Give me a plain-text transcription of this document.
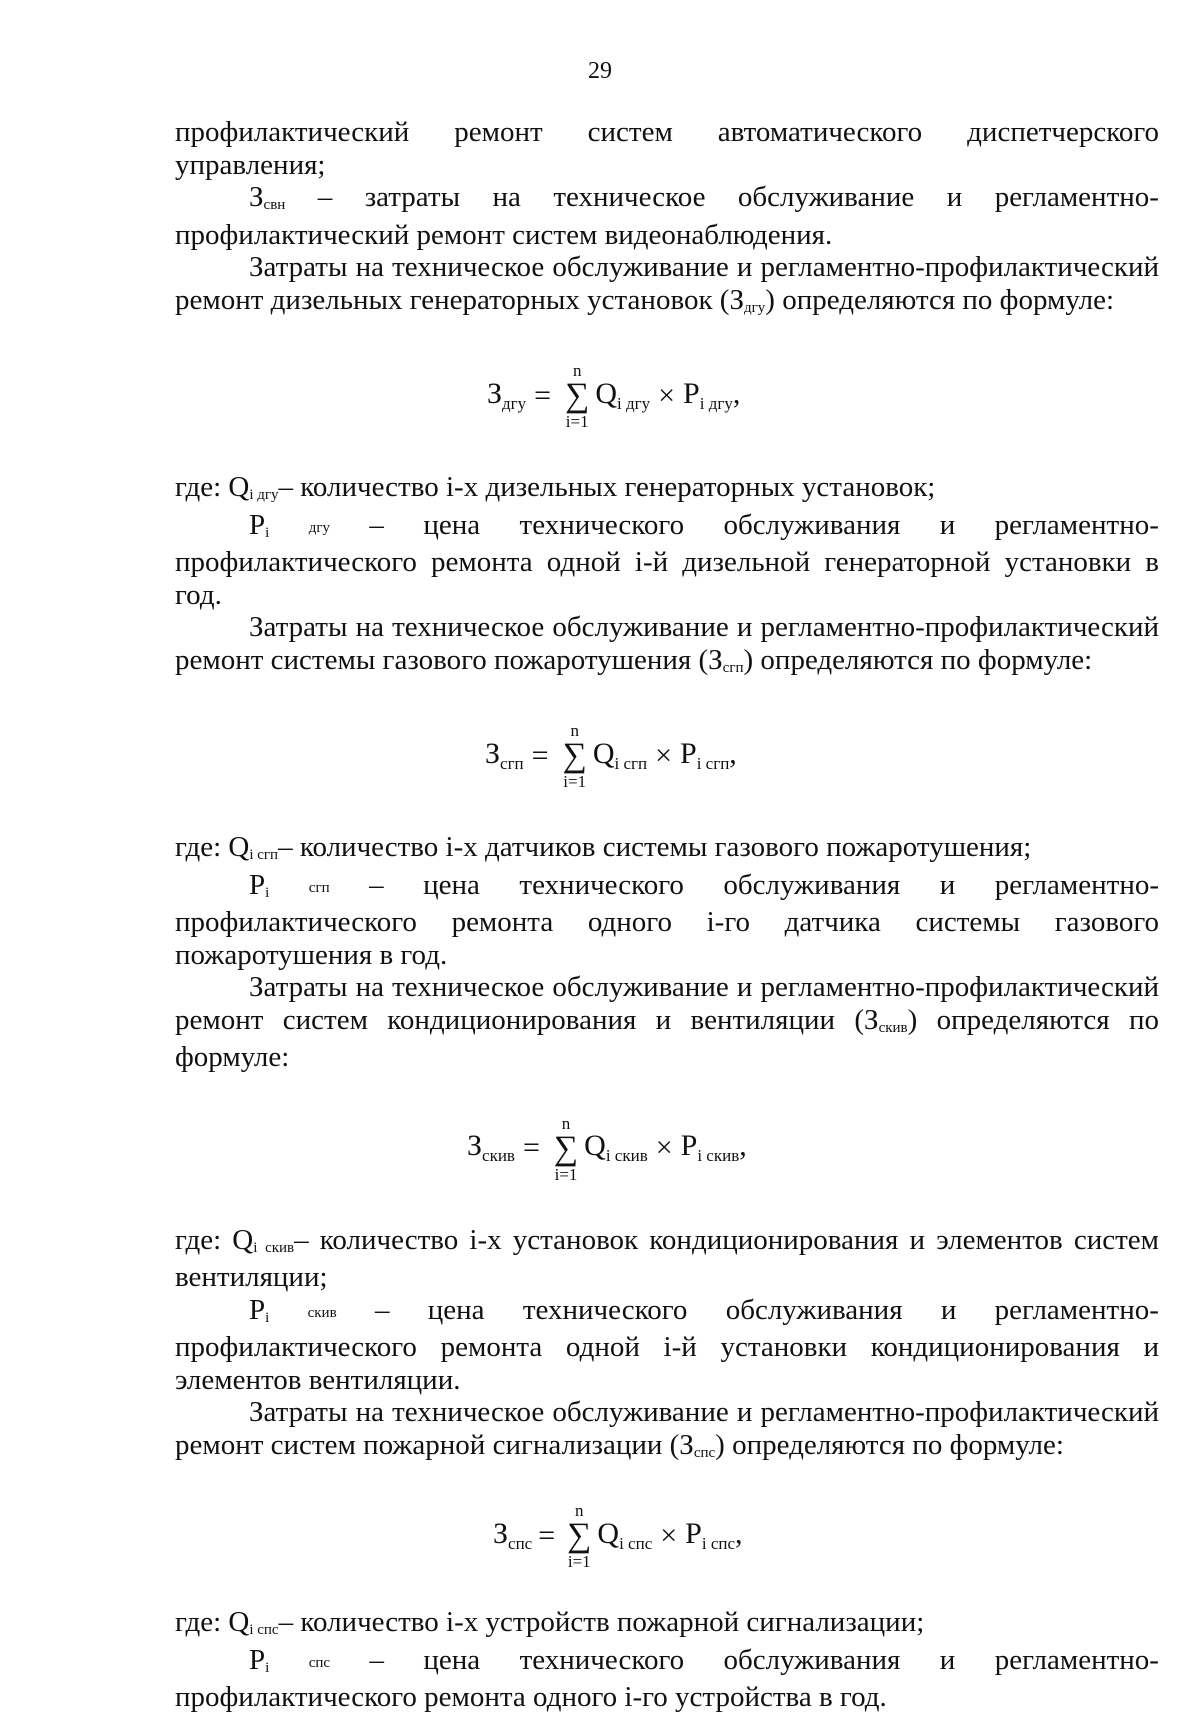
29

профилактический ремонт систем автоматического диспетчерского управления;

$З_{свн}$ – затраты на техническое обслуживание и регламентно-

профилактический ремонт систем видеонаблюдения.

Затраты на техническое обслуживание и регламентно-профилактический ремонт дизельных генераторных установок $(З_{дгу})$ определяются по формуле:

$З_{дгу}$ =
n
∑
i=1
$Q_{i дгу} \times P_{i дгу}$,

где: $Q_{i дгу}-$ количество i-х дизельных генераторных установок;

$P_i$	$_{дгу}$ – цена технического обслуживания и регламентно-

профилактического ремонта одной i-й дизельной генераторной установки в год.

Затраты на техническое обслуживание и регламентно-профилактический ремонт системы газового пожаротушения $(З_{сгп})$ определяются по формуле:

$З_{сгп}$ =
n
∑
i=1
$Q_{i сгп} \times P_{i сгп}$,

где: $Q_{i сгп}-$ количество i-х датчиков системы газового пожаротушения;

$P_i$	$_{сгп}$ – цена технического обслуживания и регламентно-

профилактического ремонта одного i-го датчика системы газового

пожаротушения в год.

Затраты на техническое обслуживание и регламентно-профилактический ремонт систем кондиционирования и вентиляции $(З_{скив})$ определяются по формуле:

$З_{скив}$ =
n
∑
i=1
$Q_{i скив} \times P_{i скив}$,

где: $Q_{i скив}-$ количество i-х установок кондиционирования и элементов систем вентиляции;

$P_i$	$_{скив}$ – цена технического обслуживания и регламентно-

профилактического ремонта одной i-й установки кондиционирования и элементов вентиляции.

Затраты на техническое обслуживание и регламентно-профилактический ремонт систем пожарной сигнализации $(З_{спс})$ определяются по формуле:

$З_{спс}$ =
n
∑
i=1
$Q_{i спс} \times P_{i спс}$,

где: $Q_{i спс}-$ количество i-х устройств пожарной сигнализации;

$P_i$	$_{спс}$ – цена технического обслуживания и регламентно-

профилактического ремонта одного i-го устройства в год.
